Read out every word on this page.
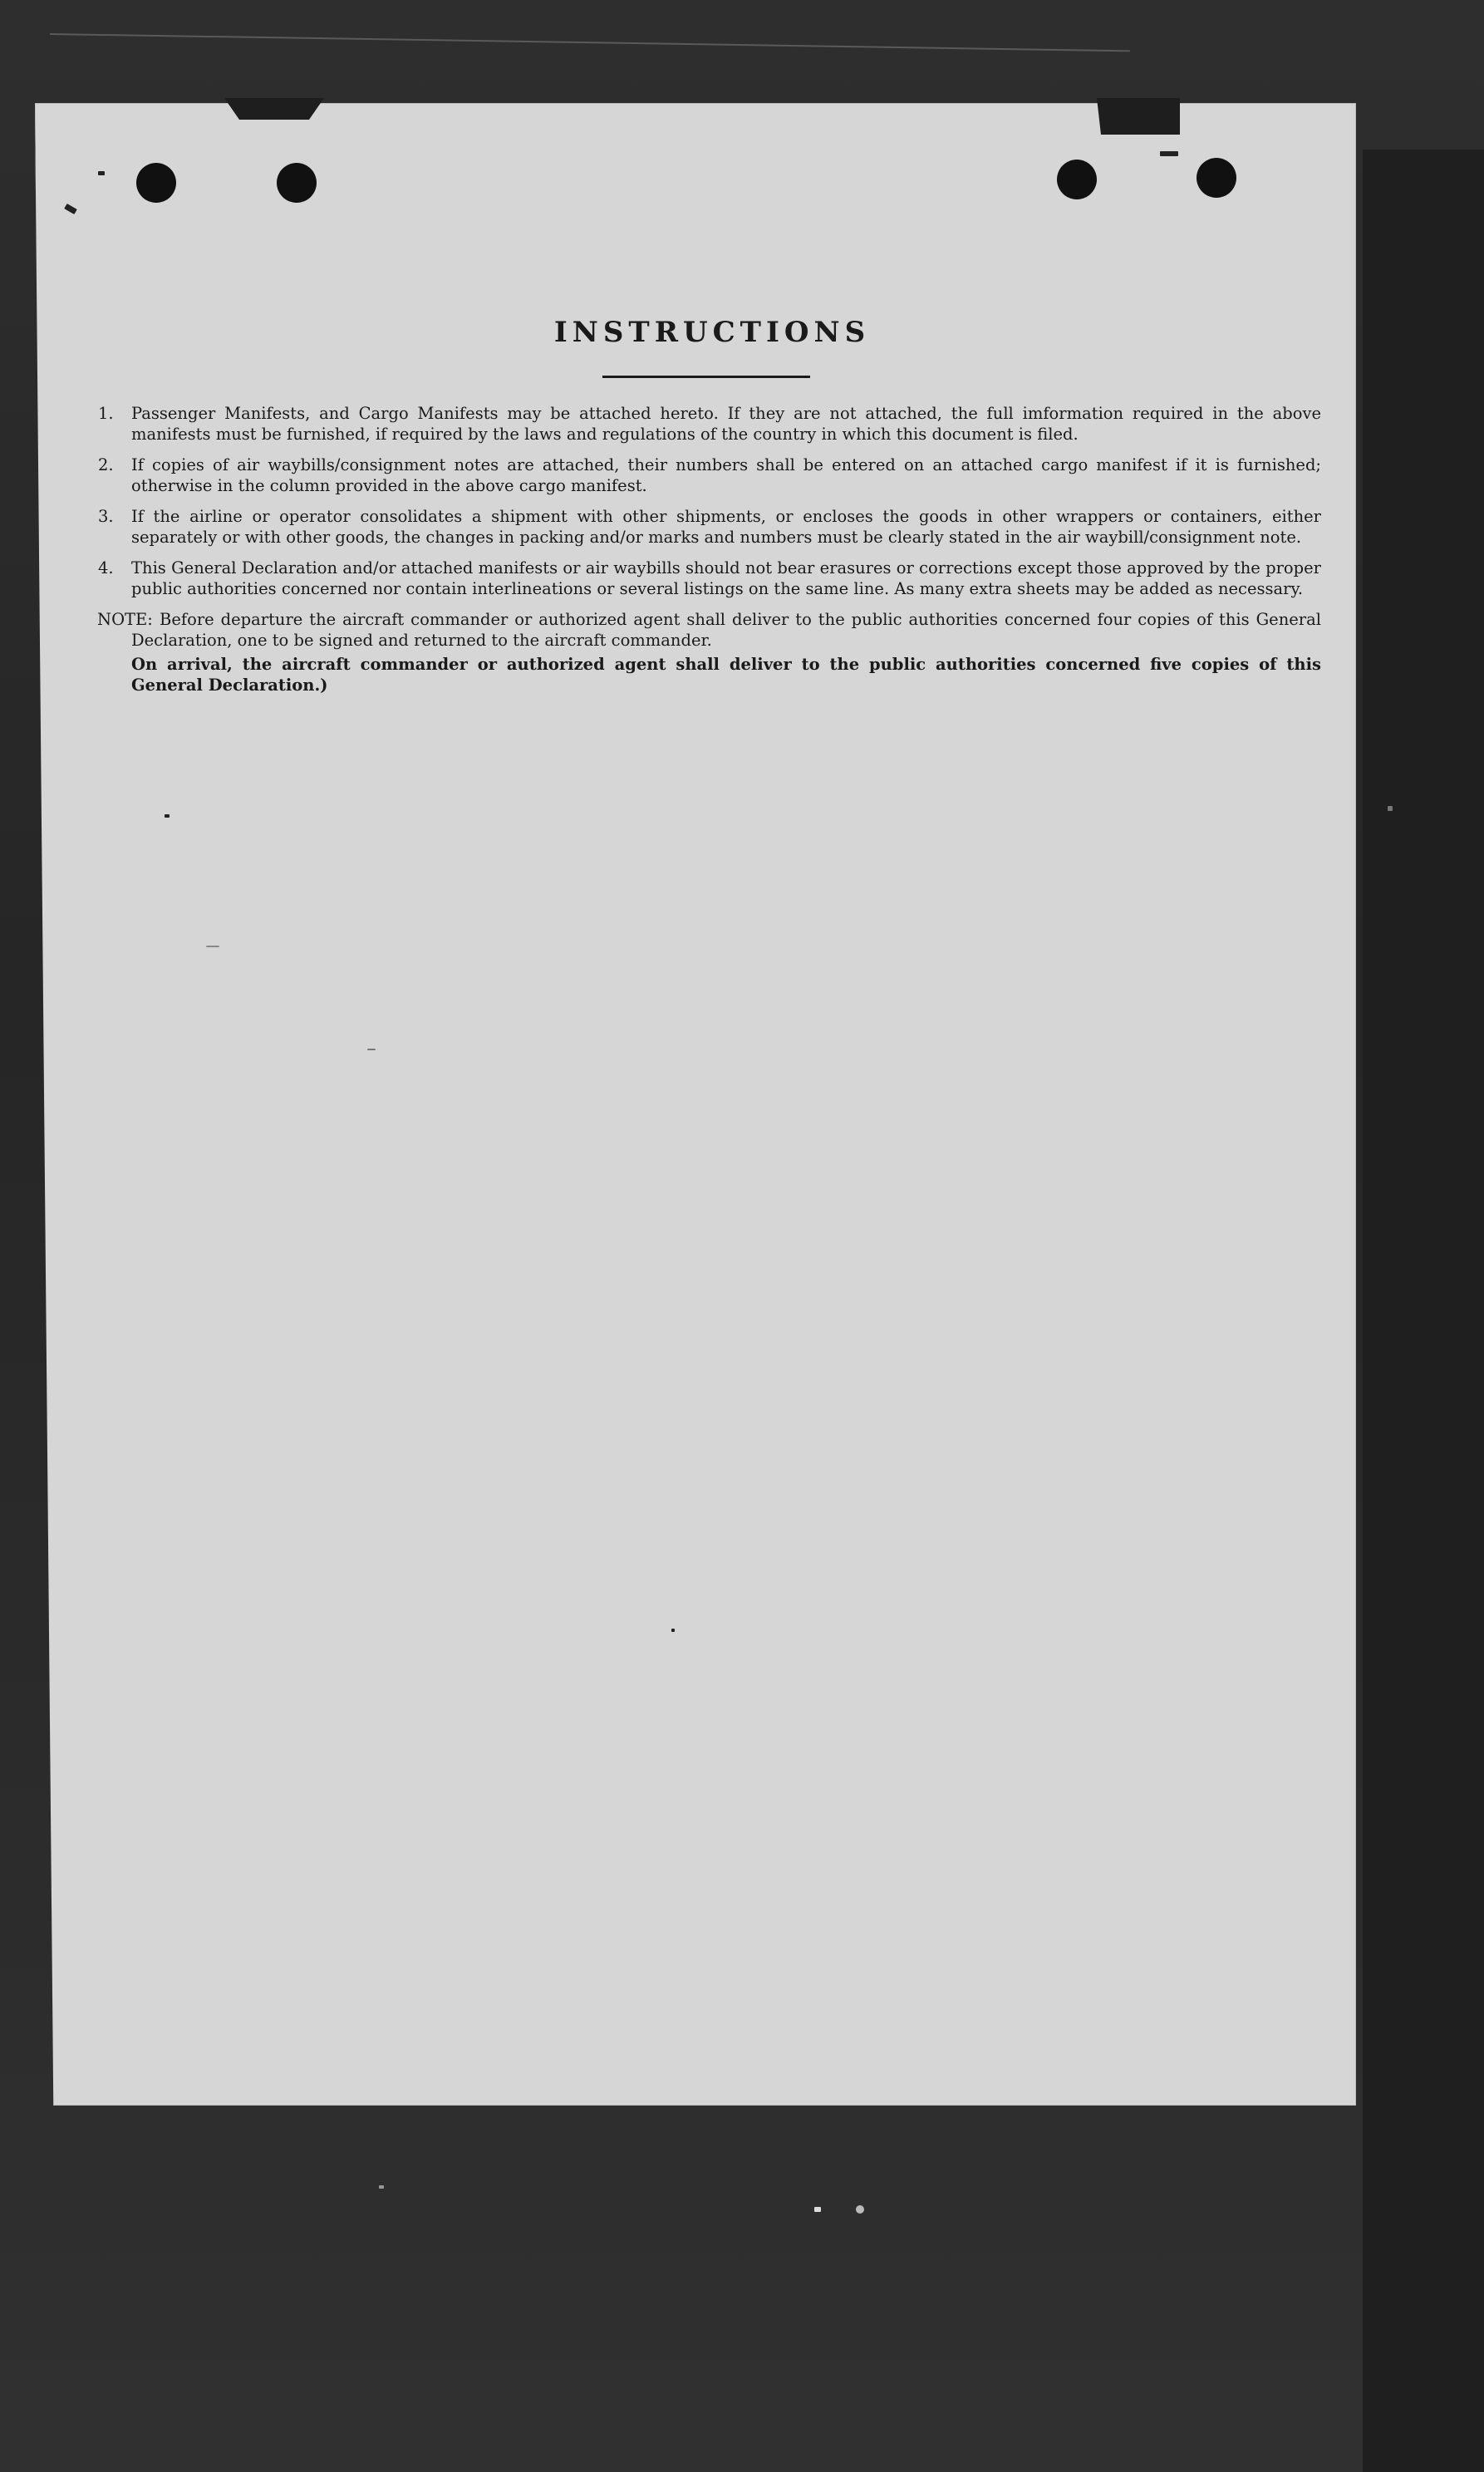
INSTRUCTIONS
1. Passenger Manifests, and Cargo Manifests may be attached hereto. If they are not attached, the full imformation required in the above manifests must be furnished, if required by the laws and regulations of the country in which this document is filed.
2. If copies of air waybills/consignment notes are attached, their numbers shall be entered on an attached cargo manifest if it is furnished; otherwise in the column provided in the above cargo manifest.
3. If the airline or operator consolidates a shipment with other shipments, or encloses the goods in other wrappers or containers, either separately or with other goods, the changes in packing and/or marks and numbers must be clearly stated in the air waybill/consignment note.
4. This General Declaration and/or attached manifests or air waybills should not bear erasures or corrections except those approved by the proper public authorities concerned nor contain interlineations or several listings on the same line. As many extra sheets may be added as necessary.
NOTE: Before departure the aircraft commander or authorized agent shall deliver to the public authorities concerned four copies of this General Declaration, one to be signed and returned to the aircraft commander.

On arrival, the aircraft commander or authorized agent shall deliver to the public authorities concerned five copies of this General Declaration.)
